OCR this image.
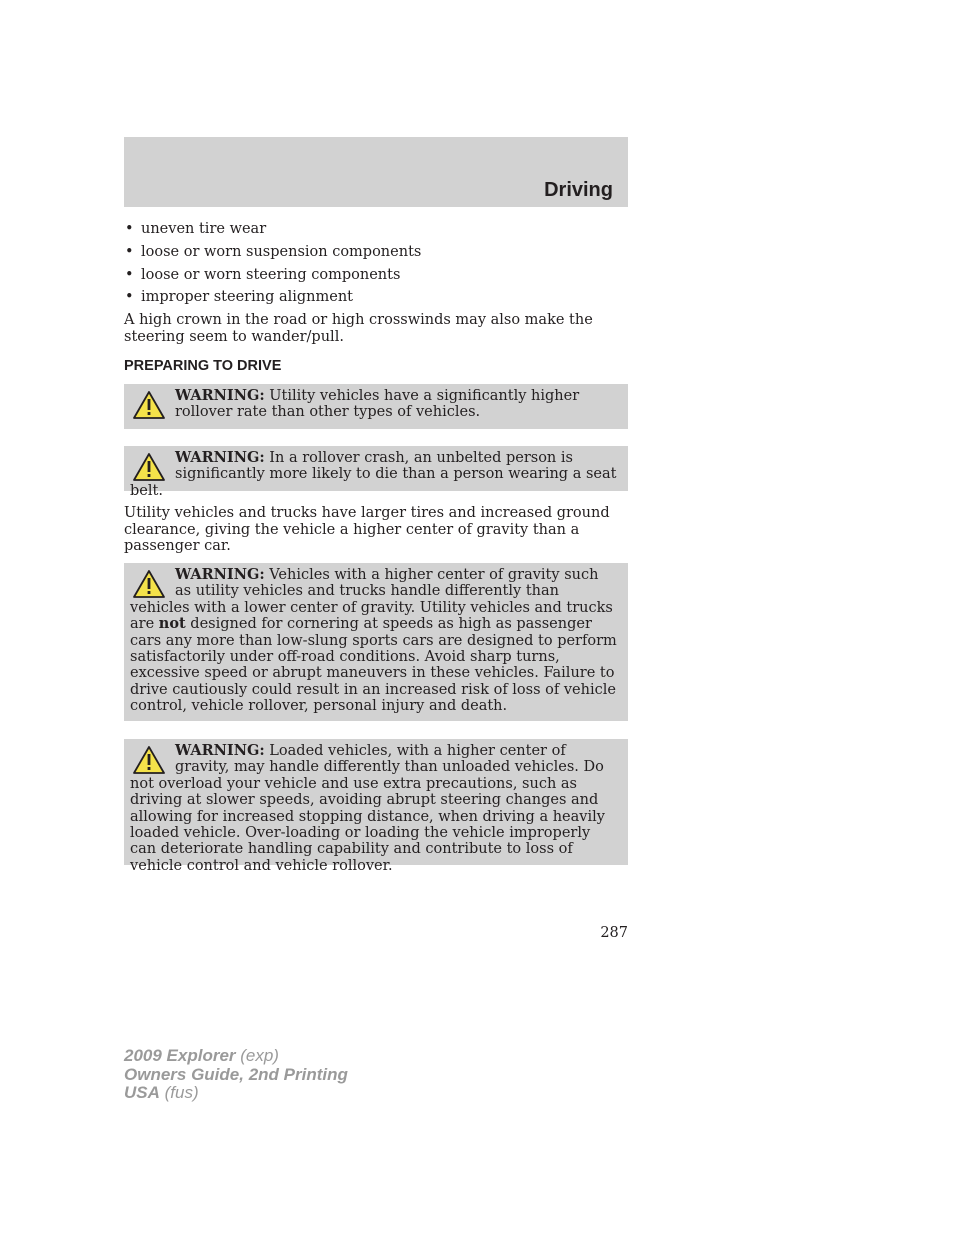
Driving
• uneven tire wear
• loose or worn suspension components
• loose or worn steering components
• improper steering alignment
A high crown in the road or high crosswinds may also make the steering seem to wander/pull.
PREPARING TO DRIVE
WARNING: Utility vehicles have a significantly higher rollover rate than other types of vehicles.
WARNING: In a rollover crash, an unbelted person is significantly more likely to die than a person wearing a seat belt.
Utility vehicles and trucks have larger tires and increased ground clearance, giving the vehicle a higher center of gravity than a passenger car.
WARNING: Vehicles with a higher center of gravity such as utility vehicles and trucks handle differently than vehicles with a lower center of gravity. Utility vehicles and trucks are not designed for cornering at speeds as high as passenger cars any more than low-slung sports cars are designed to perform satisfactorily under off-road conditions. Avoid sharp turns, excessive speed or abrupt maneuvers in these vehicles. Failure to drive cautiously could result in an increased risk of loss of vehicle control, vehicle rollover, personal injury and death.
WARNING: Loaded vehicles, with a higher center of gravity, may handle differently than unloaded vehicles. Do not overload your vehicle and use extra precautions, such as driving at slower speeds, avoiding abrupt steering changes and allowing for increased stopping distance, when driving a heavily loaded vehicle. Over-loading or loading the vehicle improperly can deteriorate handling capability and contribute to loss of vehicle control and vehicle rollover.
287
2009 Explorer (exp)
Owners Guide, 2nd Printing
USA (fus)
